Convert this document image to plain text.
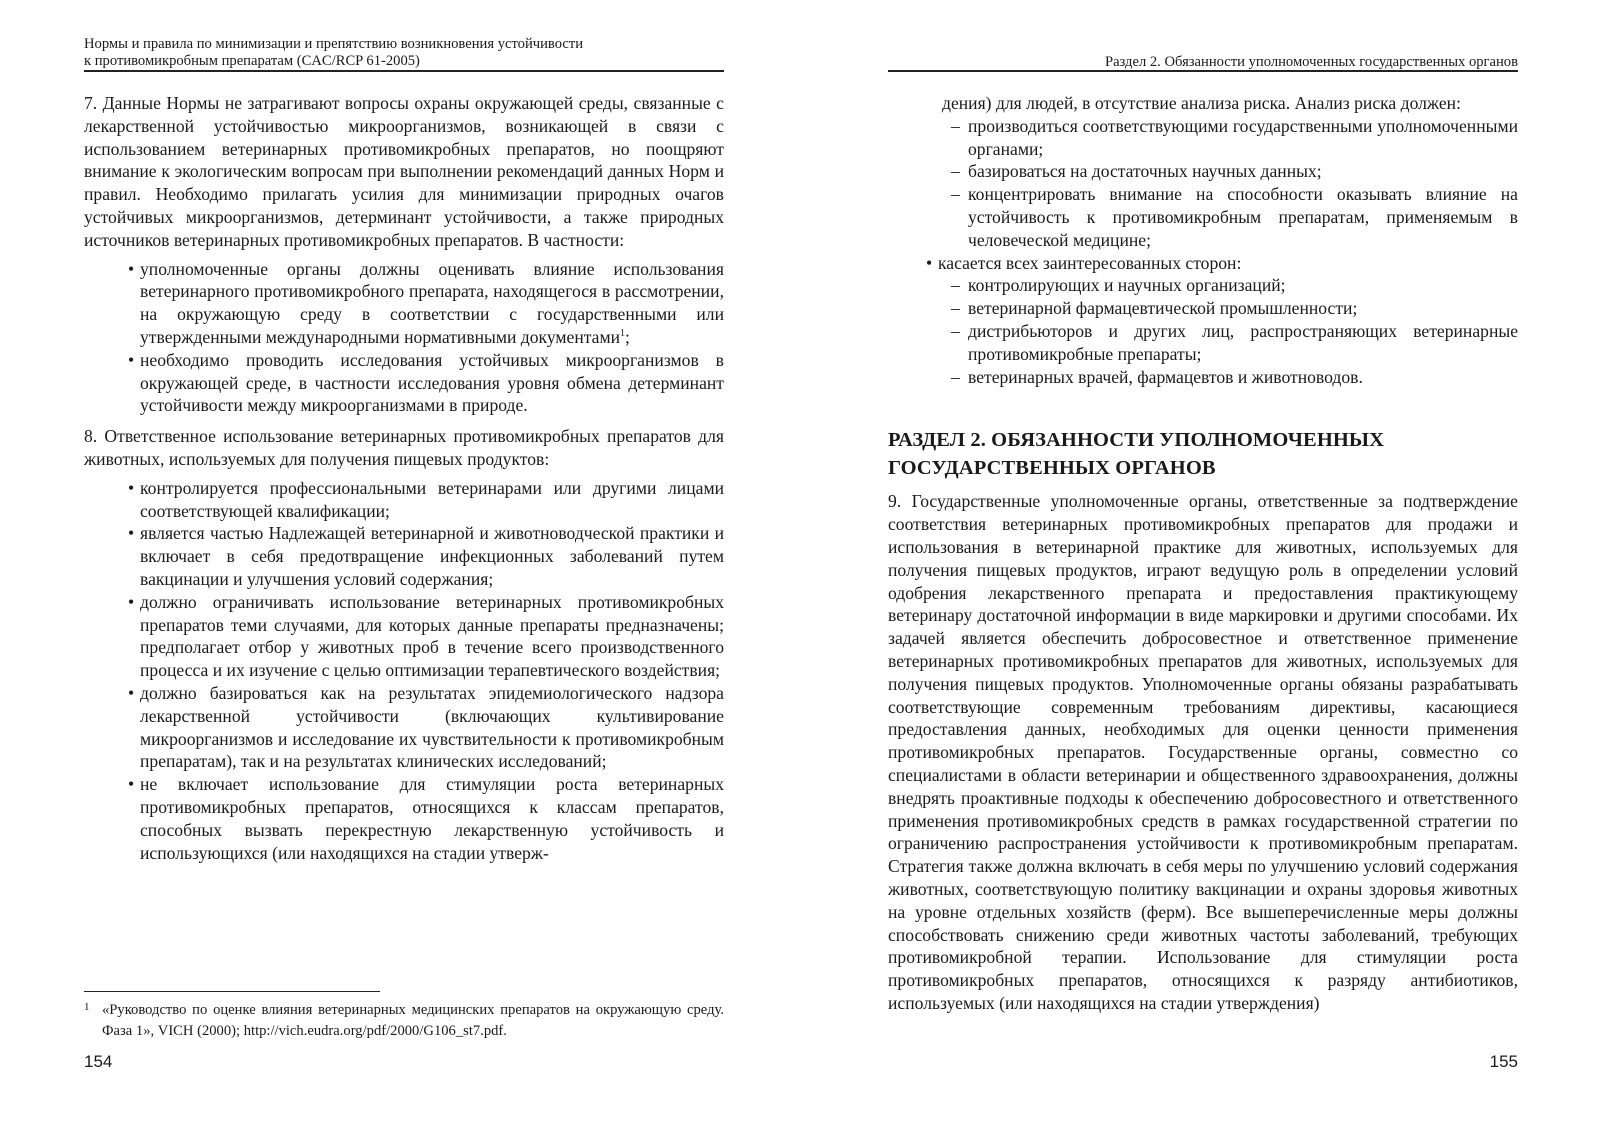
Нормы и правила по минимизации и препятствию возникновения устойчивости
к противомикробным препаратам (CAC/RCP 61-2005)

7. Данные Нормы не затрагивают вопросы охраны окружающей среды, связанные с лекарственной устойчивостью микроорганизмов, возникающей в связи с использованием ветеринарных противомикробных препаратов, но поощряют внимание к экологическим вопросам при выполнении рекомендаций данных Норм и правил. Необходимо прилагать усилия для минимизации природных очагов устойчивых микроорганизмов, детерминант устойчивости, а также природных источников ветеринарных противомикробных препаратов. В частности:

• уполномоченные органы должны оценивать влияние использования ветеринарного противомикробного препарата, находящегося в рассмотрении, на окружающую среду в соответствии с государственными или утвержденными международными нормативными документами$^1$;
• необходимо проводить исследования устойчивых микроорганизмов в окружающей среде, в частности исследования уровня обмена детерминант устойчивости между микроорганизмами в природе.

8. Ответственное использование ветеринарных противомикробных препаратов для животных, используемых для получения пищевых продуктов:

• контролируется профессиональными ветеринарами или другими лицами соответствующей квалификации;
• является частью Надлежащей ветеринарной и животноводческой практики и включает в себя предотвращение инфекционных заболеваний путем вакцинации и улучшения условий содержания;
• должно ограничивать использование ветеринарных противомикробных препаратов теми случаями, для которых данные препараты предназначены; предполагает отбор у животных проб в течение всего производственного процесса и их изучение с целью оптимизации терапевтического воздействия;
• должно базироваться как на результатах эпидемиологического надзора лекарственной устойчивости (включающих культивирование микроорганизмов и исследование их чувствительности к противомикробным препаратам), так и на результатах клинических исследований;
• не включает использование для стимуляции роста ветеринарных противомикробных препаратов, относящихся к классам препаратов, способных вызвать перекрестную лекарственную устойчивость и использующихся (или находящихся на стадии утверж-
1 «Руководство по оценке влияния ветеринарных медицинских препаратов на окружающую среду. Фаза 1», VICH (2000); http://vich.eudra.org/pdf/2000/G106_st7.pdf.
154
Раздел 2. Обязанности уполномоченных государственных органов

дения) для людей, в отсутствие анализа риска. Анализ риска должен:

– производиться соответствующими государственными уполномоченными органами;
– базироваться на достаточных научных данных;
– концентрировать внимание на способности оказывать влияние на устойчивость к противомикробным препаратам, применяемым в человеческой медицине;
• касается всех заинтересованных сторон:
– контролирующих и научных организаций;
– ветеринарной фармацевтической промышленности;
– дистрибьюторов и других лиц, распространяющих ветеринарные противомикробные препараты;
– ветеринарных врачей, фармацевтов и животноводов.
РАЗДЕЛ 2. ОБЯЗАННОСТИ УПОЛНОМОЧЕННЫХ
ГОСУДАРСТВЕННЫХ ОРГАНОВ

9. Государственные уполномоченные органы, ответственные за подтверждение соответствия ветеринарных противомикробных препаратов для продажи и использования в ветеринарной практике для животных, используемых для получения пищевых продуктов, играют ведущую роль в определении условий одобрения лекарственного препарата и предоставления практикующему ветеринару достаточной информации в виде маркировки и другими способами. Их задачей является обеспечить добросовестное и ответственное применение ветеринарных противомикробных препаратов для животных, используемых для получения пищевых продуктов. Уполномоченные органы обязаны разрабатывать соответствующие современным требованиям директивы, касающиеся предоставления данных, необходимых для оценки ценности применения противомикробных препаратов. Государственные органы, совместно со специалистами в области ветеринарии и общественного здравоохранения, должны внедрять проактивные подходы к обеспечению добросовестного и ответственного применения противомикробных средств в рамках государственной стратегии по ограничению распространения устойчивости к противомикробным препаратам. Стратегия также должна включать в себя меры по улучшению условий содержания животных, соответствующую политику вакцинации и охраны здоровья животных на уровне отдельных хозяйств (ферм). Все вышеперечисленные меры должны способствовать снижению среди животных частоты заболеваний, требующих противомикробной терапии. Использование для стимуляции роста противомикробных препаратов, относящихся к разряду антибиотиков, используемых (или находящихся на стадии утверждения)

155
